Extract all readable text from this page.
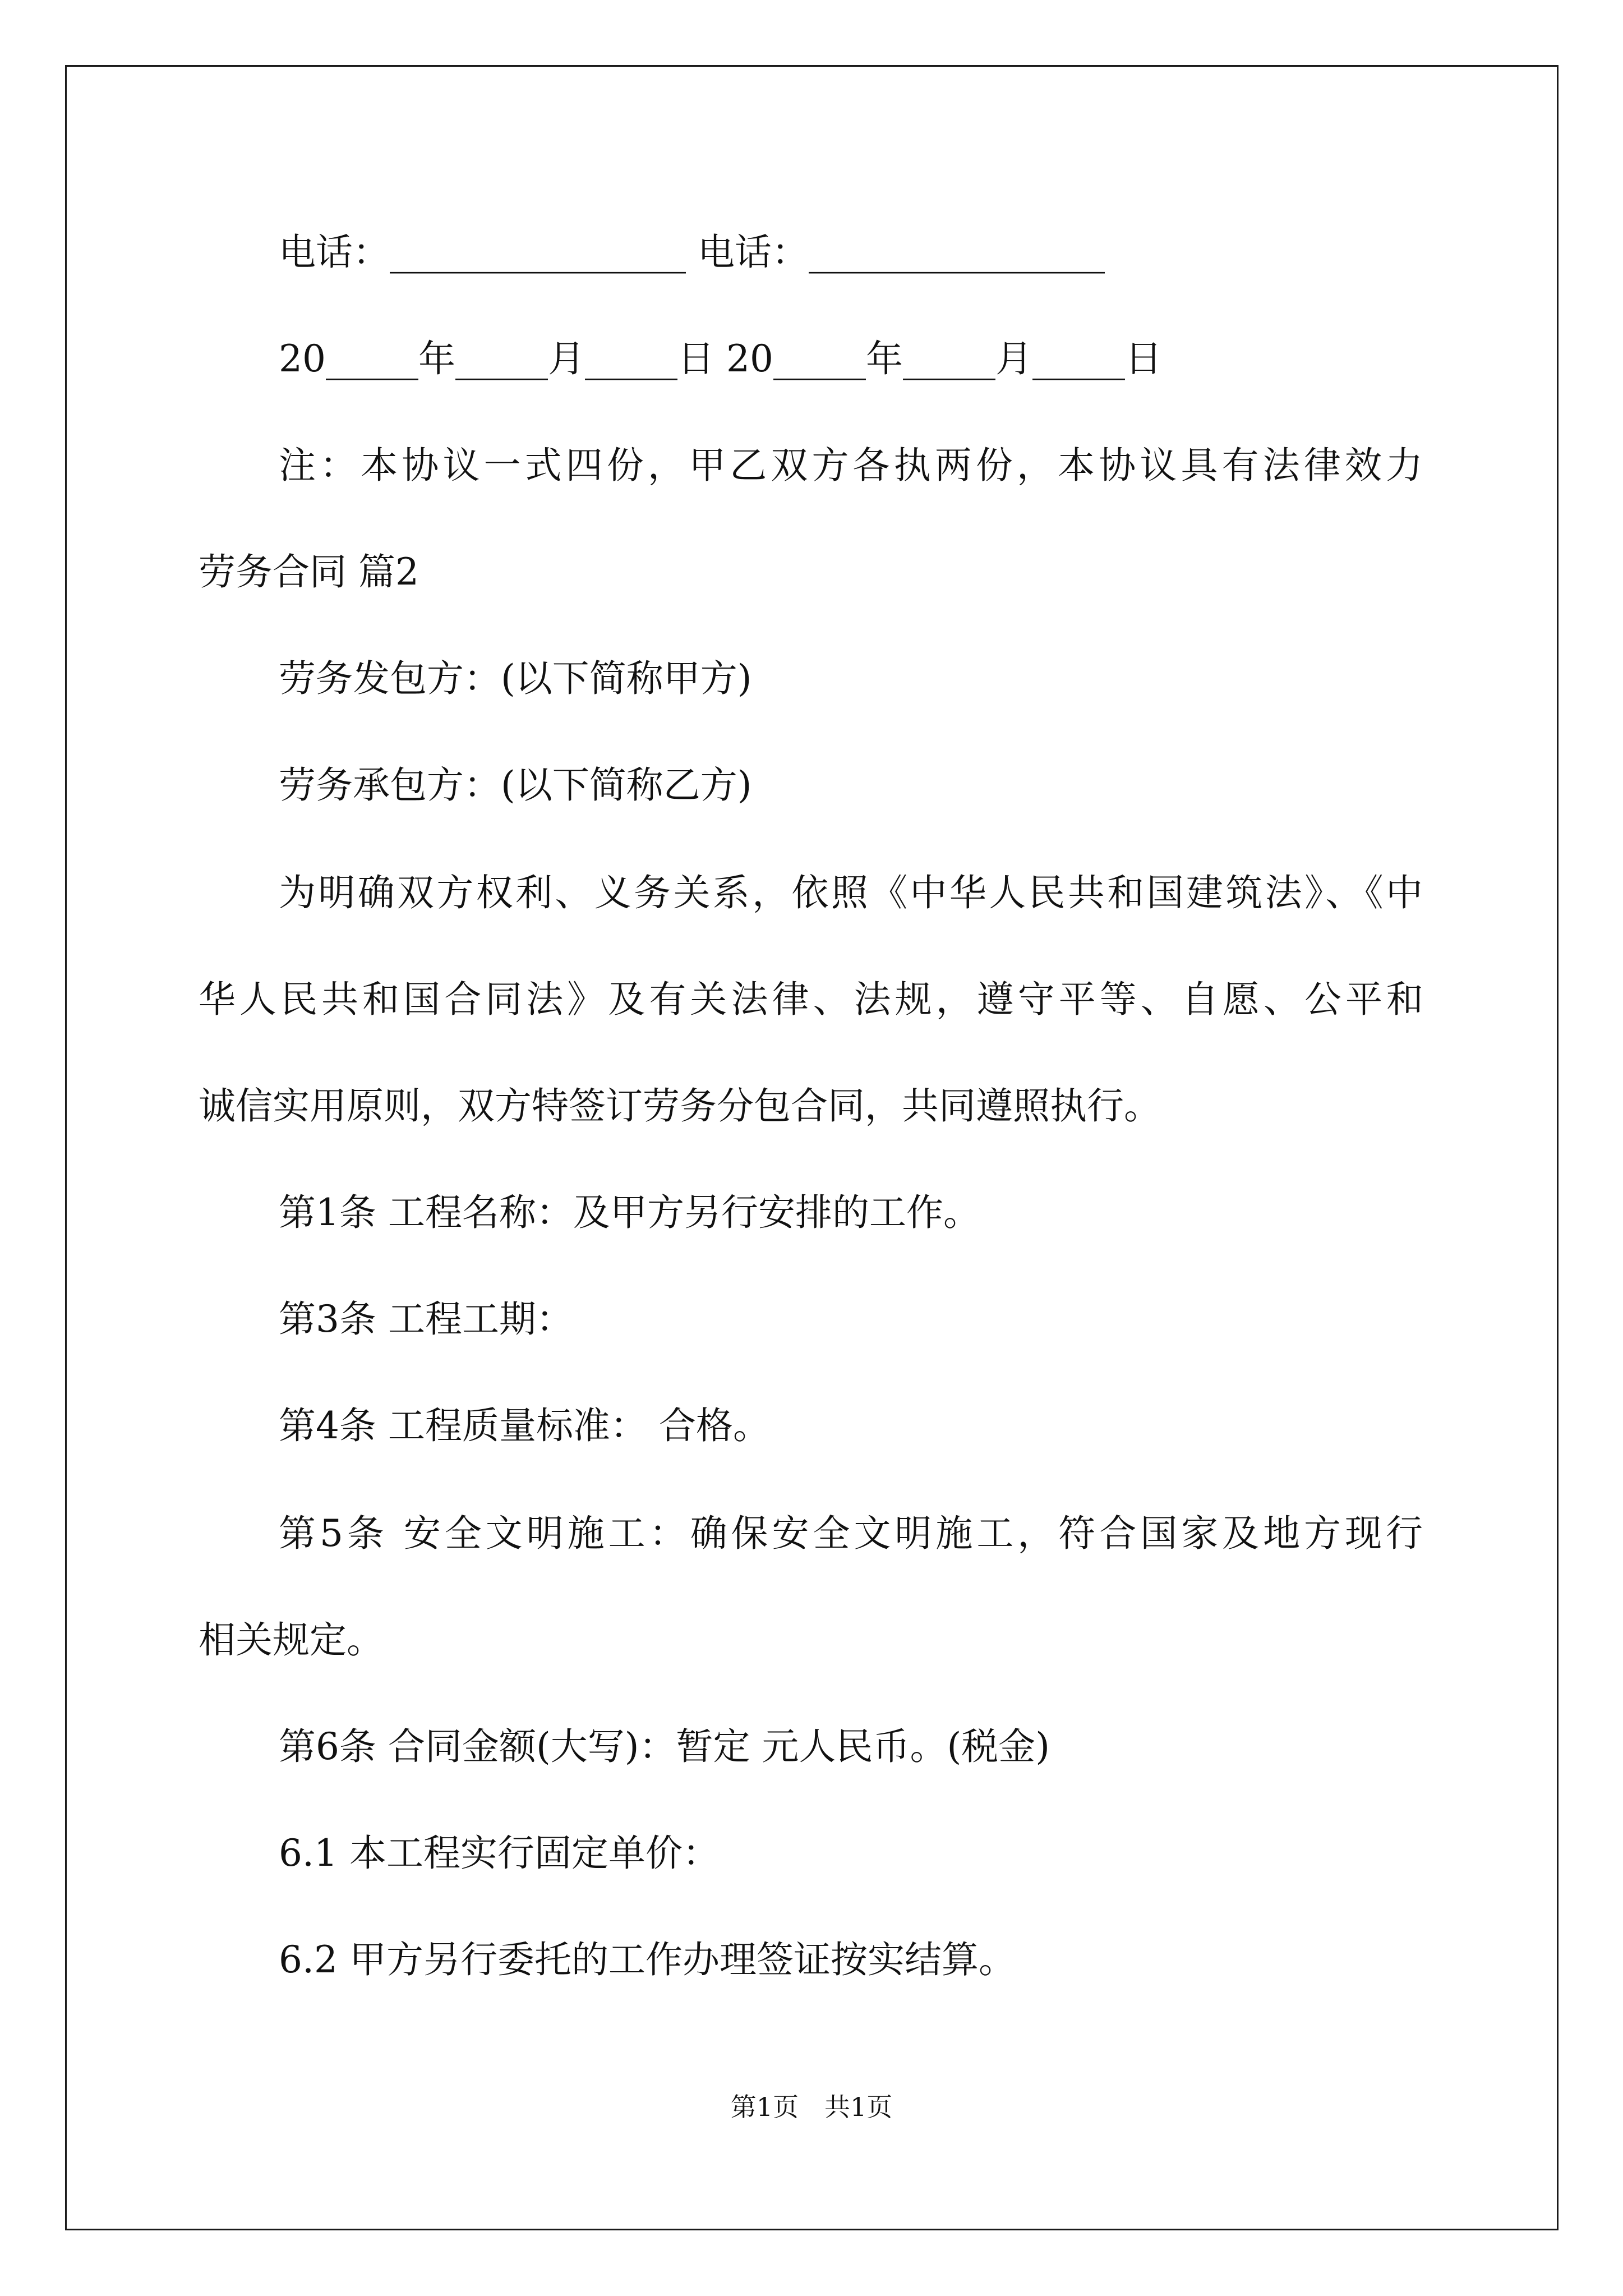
电话：________________ 电话：________________

20_____年_____月_____日 20_____年_____月_____日

注：本协议一式四份，甲乙双方各执两份，本协议具有法律效力

劳务合同 篇2

劳务发包方：(以下简称甲方)

劳务承包方：(以下简称乙方)

为明确双方权利、义务关系，依照《中华人民共和国建筑法》、《中

华人民共和国合同法》及有关法律、法规，遵守平等、自愿、公平和

诚信实用原则，双方特签订劳务分包合同，共同遵照执行。

第1条 工程名称：及甲方另行安排的工作。

第3条 工程工期：

第4条 工程质量标准： 合格。

第5条 安全文明施工：确保安全文明施工，符合国家及地方现行

相关规定。

第6条 合同金额(大写)：暂定 元人民币。(税金)

6.1 本工程实行固定单价：

6.2 甲方另行委托的工作办理签证按实结算。

第1页　共1页
